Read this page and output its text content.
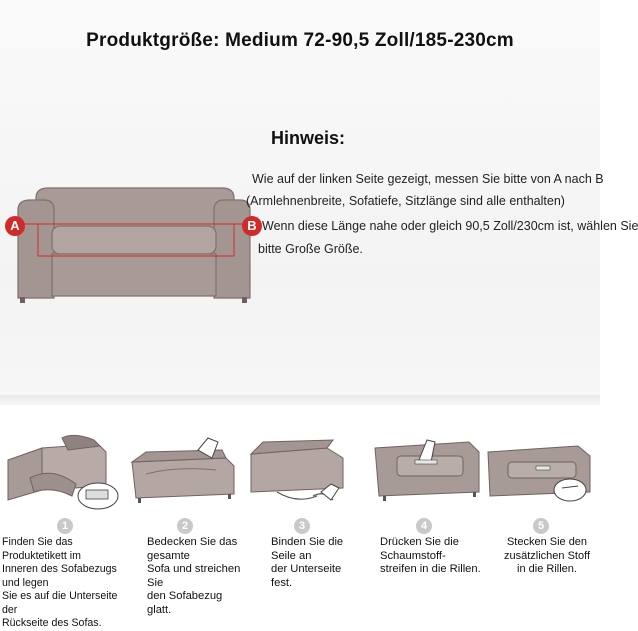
Produktgröße: Medium 72-90,5 Zoll/185-230cm
A	B
Hinweis:
Wie auf der linken Seite gezeigt, messen Sie bitte von A nach B
(Armlehnenbreite, Sofatiefe, Sitzlänge sind alle enthalten)
Wenn diese Länge nahe oder gleich 90,5 Zoll/230cm ist, wählen Sie
bitte Große Größe.
1
Finden Sie das Produktetikett im
Inneren des Sofabezugs und legen
Sie es auf die Unterseite der
Rückseite des Sofas.
2
Bedecken Sie das gesamte
Sofa und streichen Sie
den Sofabezug glatt.
3
Binden Sie die Seile an
der Unterseite fest.
4
Drücken Sie die Schaumstoff-
streifen in die Rillen.
5
Stecken Sie den
zusätzlichen Stoff
in die Rillen.
